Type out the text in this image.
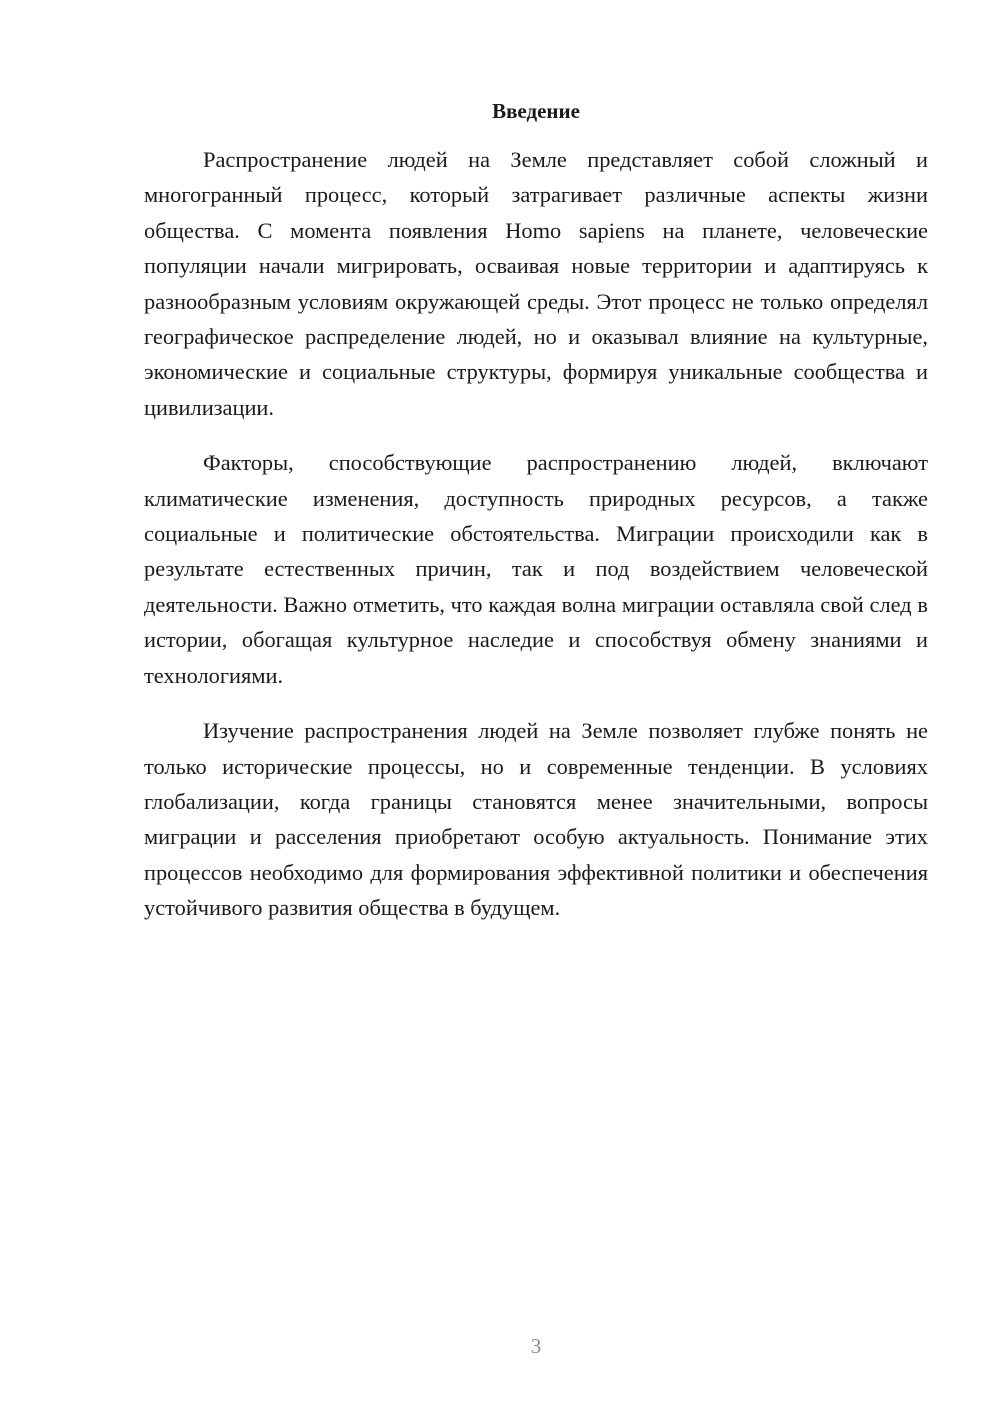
Введение

Распространение людей на Земле представляет собой сложный и многогранный процесс, который затрагивает различные аспекты жизни общества. С момента появления Homo sapiens на планете, человеческие популяции начали мигрировать, осваивая новые территории и адаптируясь к разнообразным условиям окружающей среды. Этот процесс не только определял географическое распределение людей, но и оказывал влияние на культурные, экономические и социальные структуры, формируя уникальные сообщества и цивилизации.

Факторы, способствующие распространению людей, включают климатические изменения, доступность природных ресурсов, а также социальные и политические обстоятельства. Миграции происходили как в результате естественных причин, так и под воздействием человеческой деятельности. Важно отметить, что каждая волна миграции оставляла свой след в истории, обогащая культурное наследие и способствуя обмену знаниями и технологиями.

Изучение распространения людей на Земле позволяет глубже понять не только исторические процессы, но и современные тенденции. В условиях глобализации, когда границы становятся менее значительными, вопросы миграции и расселения приобретают особую актуальность. Понимание этих процессов необходимо для формирования эффективной политики и обеспечения устойчивого развития общества в будущем.

3
